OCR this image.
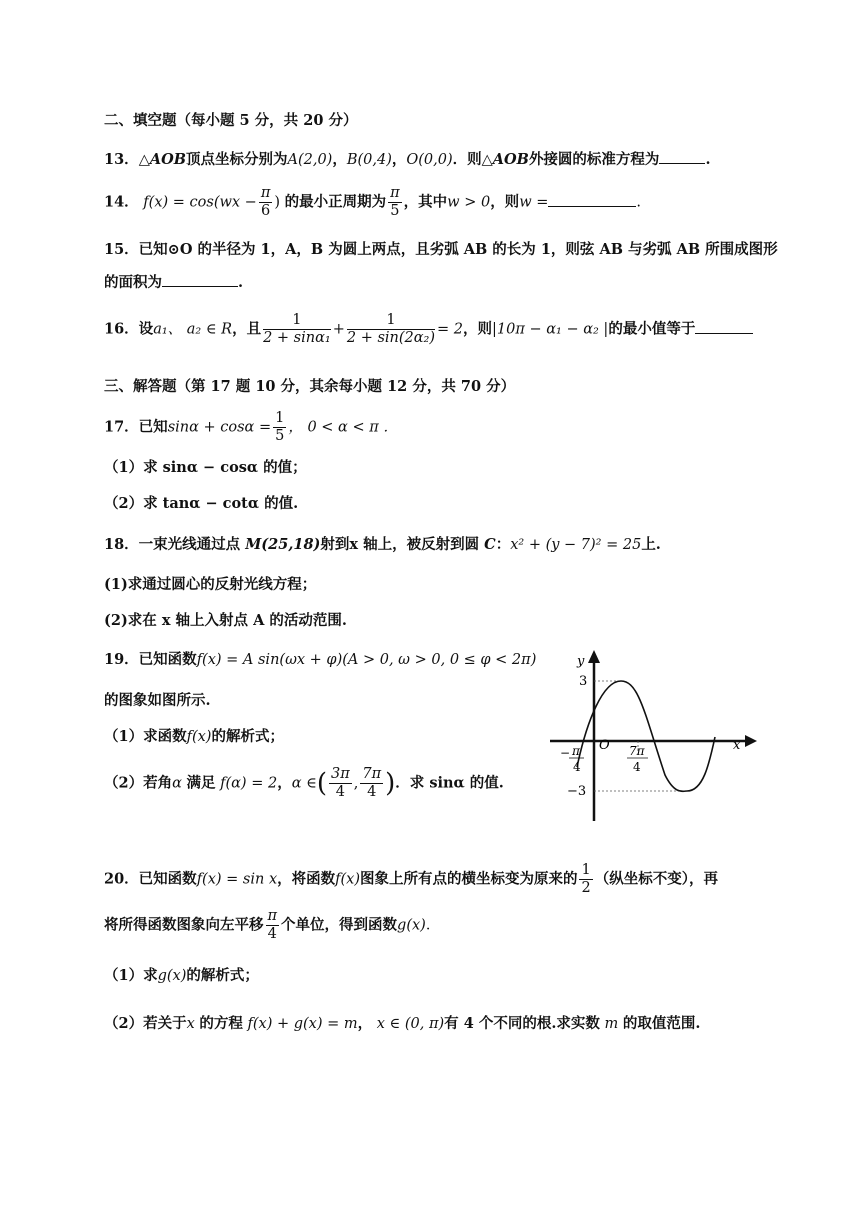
二、填空题（每小题 5 分，共 20 分）
13．△AOB顶点坐标分别为A(2,0)，B(0,4)，O(0,0)．则△AOB外接圆的标准方程为	.
14． $f(x) = \cos(wx - \frac{\pi}{6}$ ) 的最小正周期为 $\frac{\pi}{5}$ ，其中w > 0，则w =	.
15．已知⊙O 的半径为 1，A，B 为圆上两点，且劣弧 AB 的长为 1，则弦 AB 与劣弧 AB 所围成图形
的面积为	.
16．设a₁、 a₂ ∈ R，且 $\frac{1}{\text{2 + sinα₁}} + \frac{1}{\text{2 + sin(2α₂)}} = 2$，则|10π − α₁ − α₂ |的最小值等于
三、解答题（第 17 题 10 分，其余每小题 12 分，共 70 分）
17．已知$\sin\alpha + \cos\alpha = \frac{1}{5}$ ， 0 < α < π ．
（1）求 sinα − cosα 的值；
（2）求 tanα − cotα 的值.
18．一束光线通过点 M(25,18)射到x 轴上，被反射到圆 C：x² + (y − 7)² = 25上.
(1)求通过圆心的反射光线方程；
(2)求在 x 轴上入射点 A 的活动范围.
19．已知函数f(x) = A sin(ωx + φ)(A > 0, ω > 0, 0 ≤ φ < 2π)
的图象如图所示.
（1）求函数f(x)的解析式；
（2）若角α 满足 f(α) = 2，α ∈( $\frac{3\pi}{4}$ , $\frac{7\pi}{4}$ )．求 sinα 的值.
y
x
O
3
−3
− π
4
7π
4
20．已知函数f(x) = sin x，将函数f(x)图象上所有点的横坐标变为原来的 $\frac{1}{2}$ （纵坐标不变），再
将所得函数图象向左平移 $\frac{\pi}{4}$ 个单位，得到函数g(x)．
（1）求g(x)的解析式；
（2）若关于x 的方程 f(x) + g(x) = m， x ∈ (0, π)有 4 个不同的根.求实数 m 的取值范围.
